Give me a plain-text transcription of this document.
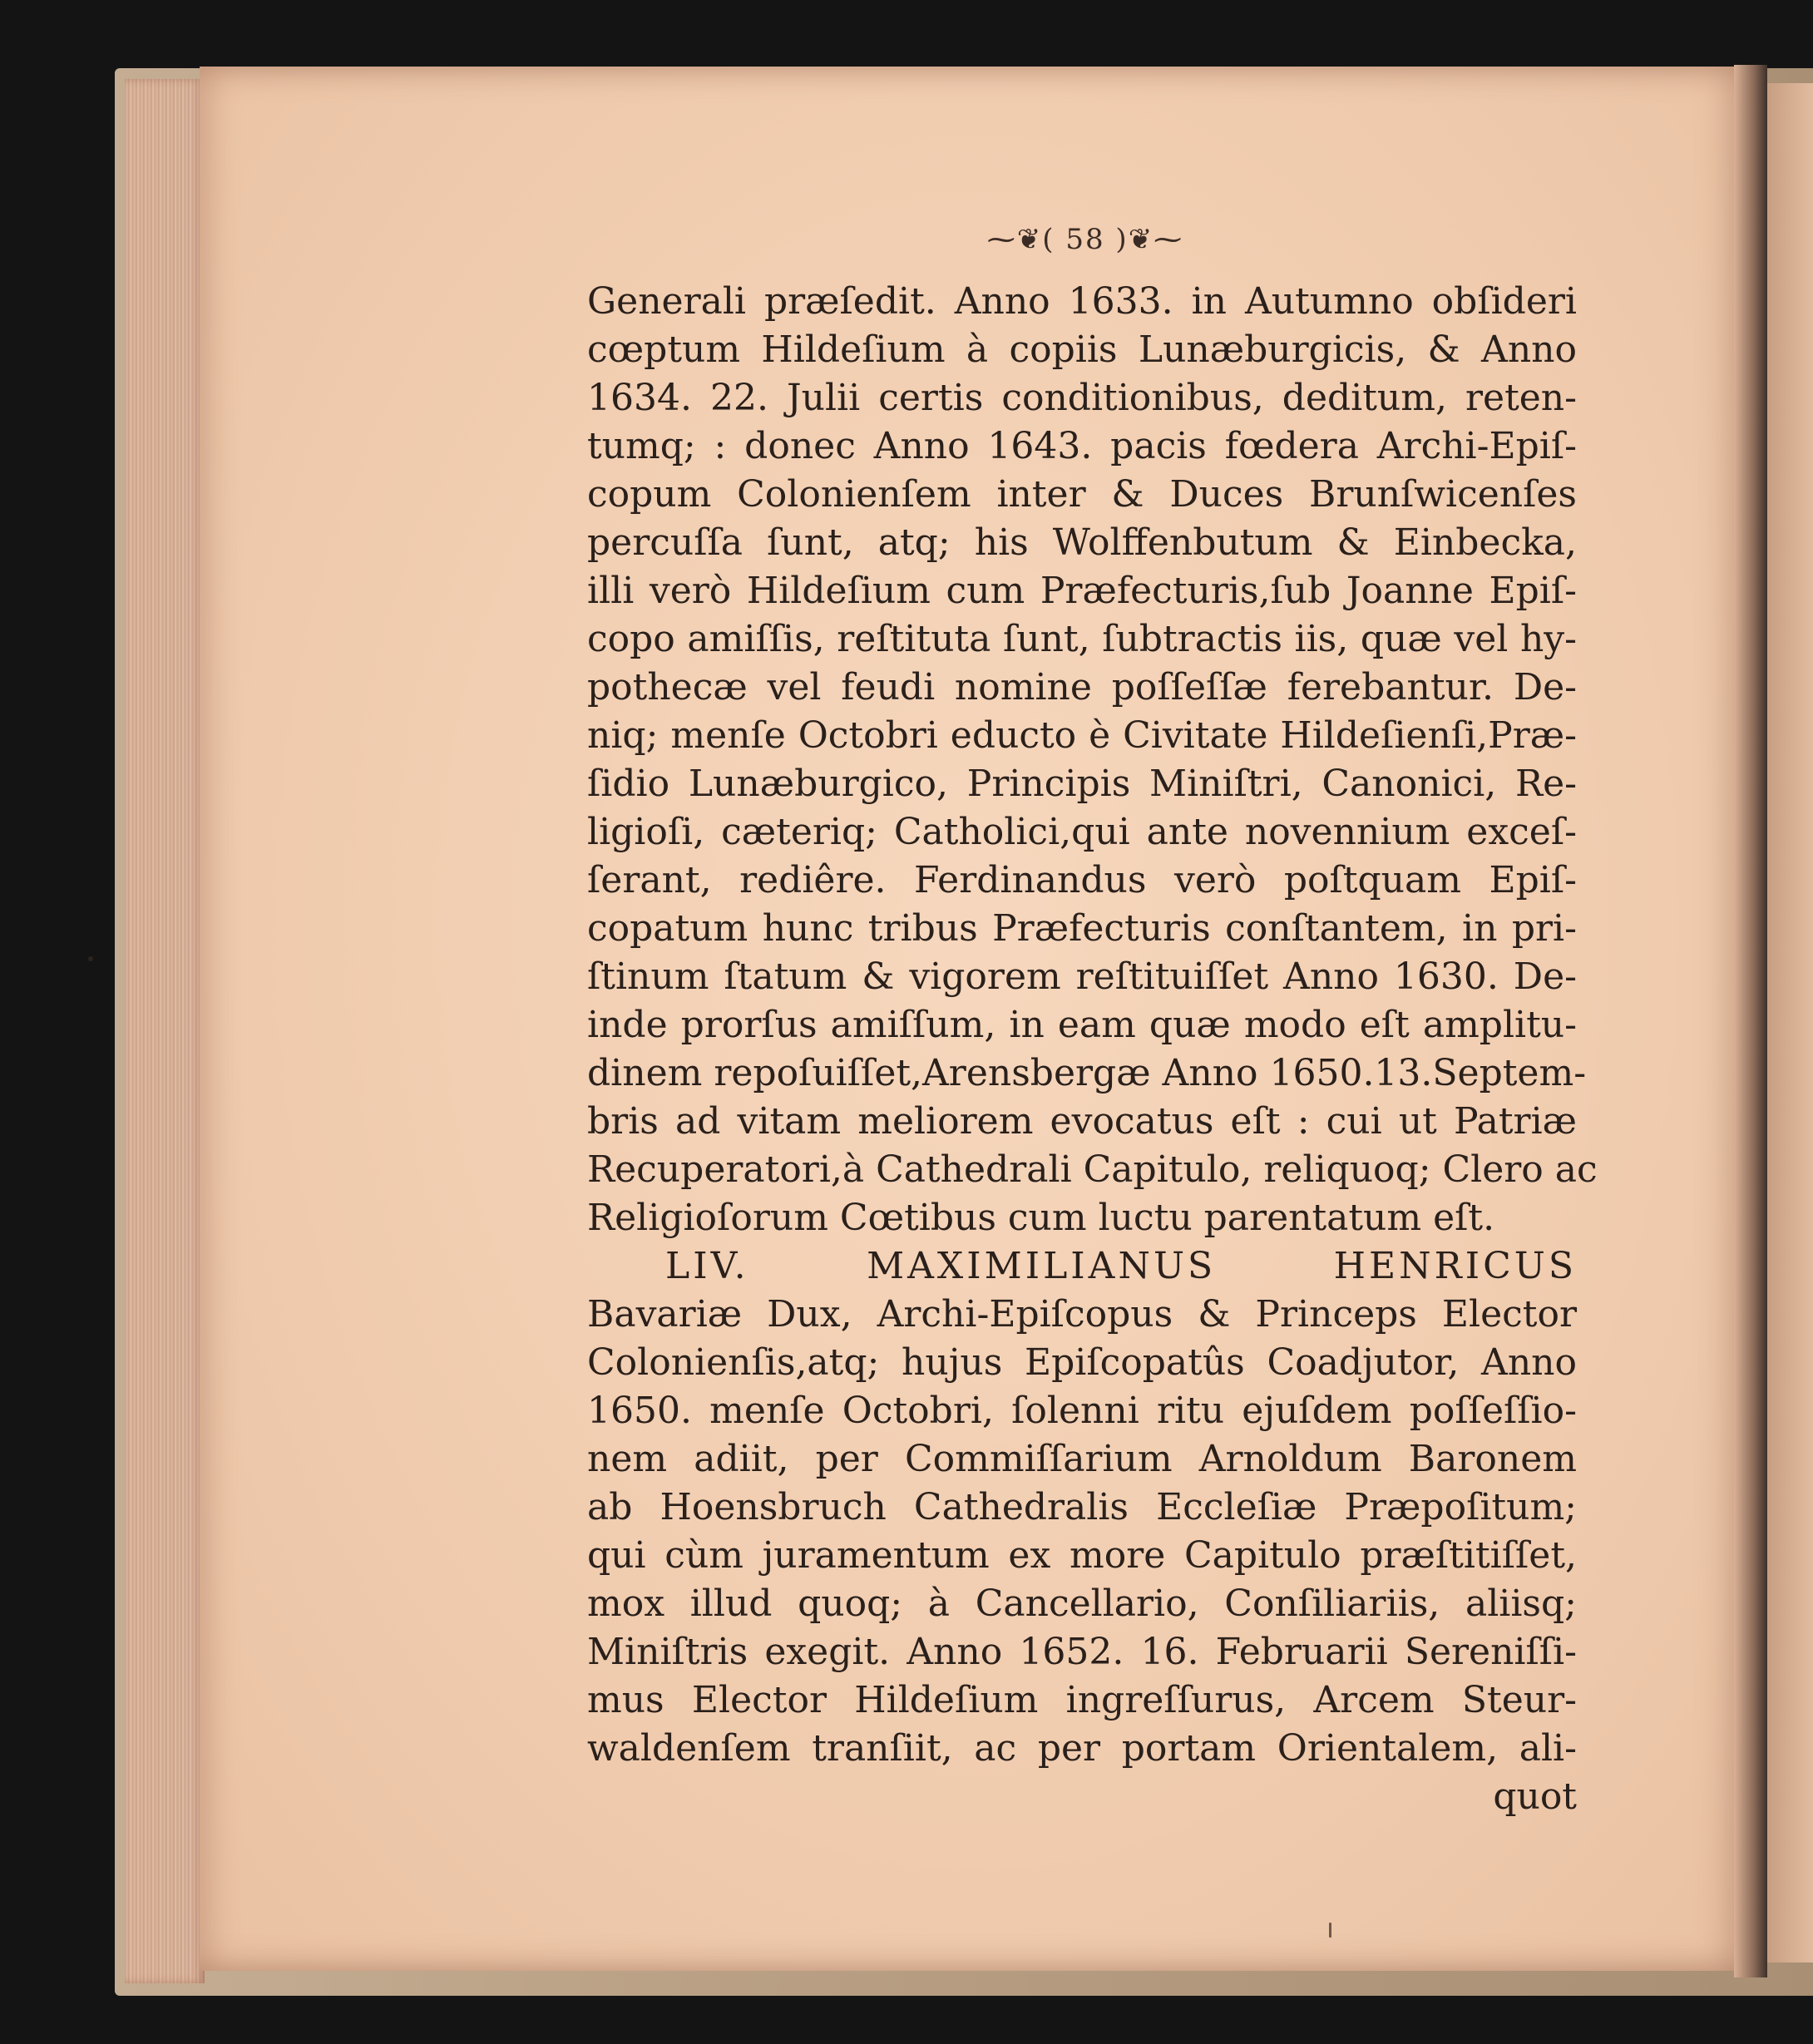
⁓❦( 58 )❦⁓
Generali præſedit. Anno 1633. in Autumno obſideri
cœptum Hildeſium à copiis Lunæburgicis, & Anno
1634. 22. Julii certis conditionibus, deditum, reten-
tumq; : donec Anno 1643. pacis fœdera Archi-Epiſ-
copum Colonienſem inter & Duces Brunſwicenſes
percuſſa ſunt, atq; his Wolffenbutum & Einbecka,
illi verò Hildeſium cum Præfecturis,ſub Joanne Epiſ-
copo amiſſis, reſtituta ſunt, ſubtractis iis, quæ vel hy-
pothecæ vel feudi nomine poſſeſſæ ferebantur. De-
niq; menſe Octobri educto è Civitate Hildeſienſi,Præ-
ſidio Lunæburgico, Principis Miniſtri, Canonici, Re-
ligioſi, cæteriq; Catholici,qui ante novennium exceſ-
ſerant, rediêre. Ferdinandus verò poſtquam Epiſ-
copatum hunc tribus Præfecturis conſtantem, in pri-
ſtinum ſtatum & vigorem reſtituiſſet Anno 1630. De-
inde prorſus amiſſum, in eam quæ modo eſt amplitu-
dinem repoſuiſſet,Arensbergæ Anno 1650.13.Septem-
bris ad vitam meliorem evocatus eſt : cui ut Patriæ
Recuperatori,à Cathedrali Capitulo, reliquoq; Clero ac
Religioſorum Cœtibus cum luctu parentatum eſt.
LIV. MAXIMILIANUS HENRICUS
Bavariæ Dux, Archi-Epiſcopus & Princeps Elector
Colonienſis,atq; hujus Epiſcopatûs Coadjutor, Anno
1650. menſe Octobri, ſolenni ritu ejuſdem poſſeſſio-
nem adiit, per Commiſſarium Arnoldum Baronem
ab Hoensbruch Cathedralis Eccleſiæ Præpoſitum;
qui cùm juramentum ex more Capitulo præſtitiſſet,
mox illud quoq; à Cancellario, Conſiliariis, aliisq;
Miniſtris exegit. Anno 1652. 16. Februarii Sereniſſi-
mus Elector Hildeſium ingreſſurus, Arcem Steur-
waldenſem tranſiit, ac per portam Orientalem, ali-
quot
